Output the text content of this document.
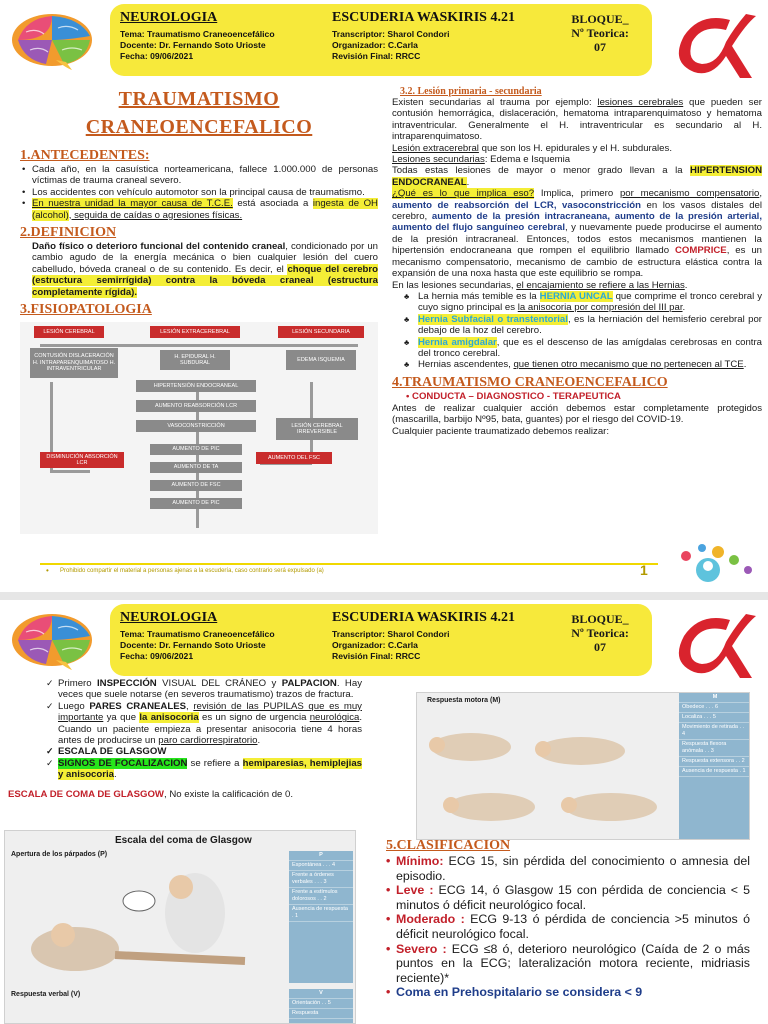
NEUROLOGIA
Tema: Traumatismo Craneoencefálico
Docente: Dr. Fernando Soto Urioste
Fecha: 09/06/2021
ESCUDERIA WASKIRIS 4.21
Transcriptor: Sharol Condori
Organizador: C.Carla
Revisión Final: RRCC
BLOQUE_
Nº Teorica:
07
TRAUMATISMO
CRANEOENCEFALICO
1.ANTECEDENTES:
• Cada año, en la casuística norteamericana, fallece 1.000.000 de personas víctimas de trauma craneal severo.
• Los accidentes con vehículo automotor son la principal causa de traumatismo.
• En nuestra unidad la mayor causa de T.C.E. está asociada a ingesta de OH (alcohol), seguida de caídas o agresiones físicas.
2.DEFINICION

Daño físico o deterioro funcional del contenido craneal, condicionado por un cambio agudo de la energía mecánica o bien cualquier lesión del cuero cabelludo, bóveda craneal o de su contenido. Es decir, el choque del cerebro (estructura semirrígida) contra la bóveda craneal (estructura completamente rígida).

3.FISIOPATOLOGIA
LESIÓN CEREBRAL	LESIÓN EXTRACEREBRAL	LESIÓN SECUNDARIA
CONTUSIÓN DISLACERACIÓN H. INTRAPARENQUIMATOSO H. INTRAVENTRICULAR
H. EPIDURAL H. SUBDURAL
EDEMA ISQUEMIA
HIPERTENSIÓN ENDOCRANEAL
AUMENTO REABSORCIÓN LCR
VASOCONSTRICCIÓN	LESIÓN CEREBRAL IRREVERSIBLE
DISMINUCIÓN ABSORCIÓN LCR
AUMENTO DE PIC
AUMENTO DEL FSC
AUMENTO DE TA
AUMENTO DE FSC
AUMENTO DE PIC
3.2. Lesión primaria - secundaria

Existen secundarias al trauma por ejemplo: lesiones cerebrales que pueden ser contusión hemorrágica, dislaceración, hematoma intraparenquimatoso y hematoma intraventricular. Generalmente el H. intraventricular es secundario al H. intraparenquimatoso.

Lesión extracerebral que son los H. epidurales y el H. subdurales.

Lesiones secundarias: Edema e Isquemia

Todas estas lesiones de mayor o menor grado llevan a la HIPERTENSION ENDOCRANEAL.

¿Qué es lo que implica eso? Implica, primero por mecanismo compensatorio, aumento de reabsorción del LCR, vasoconstricción en los vasos distales del cerebro, aumento de la presión intracraneana, aumento de la presión arterial, aumento del flujo sanguíneo cerebral, y nuevamente puede producirse el aumento de la presión intracraneal. Entonces, todos estos mecanismos mantienen la hipertensión endocraneana que rompen el equilibrio llamado COMPRICE, es un mecanismo compensatorio, mecanismo de cambio de estructura elástica contra la expansión de una noxa hasta que este equilibrio se rompa.

En las lesiones secundarias, el encajamiento se refiere a las Hernias.

♣ La hernia más temible es la HERNIA UNCAL que comprime el tronco cerebral y cuyo signo principal es la anisocoria por compresión del III par.
♣ Hernia Subfacial o transtentorial, es la herniación del hemisferio cerebral por debajo de la hoz del cerebro.
♣ Hernia amigdalar, que es el descenso de las amígdalas cerebrosas en contra del tronco cerebral.
♣ Hernias ascendentes, que tienen otro mecanismo que no pertenecen al TCE.
4.TRAUMATISMO CRANEOENCEFALICO
• CONDUCTA – DIAGNOSTICO - TERAPEUTICA

Antes de realizar cualquier acción debemos estar completamente protegidos (mascarilla, barbijo Nº95, bata, guantes) por el riesgo del COVID-19.

Cualquier paciente traumatizado debemos realizar:

• Prohibido compartir el material a personas ajenas a la escudería, caso contrario será expulsado (a)	1
NEUROLOGIA
Tema: Traumatismo Craneoencefálico
Docente: Dr. Fernando Soto Urioste
Fecha: 09/06/2021
ESCUDERIA WASKIRIS 4.21
Transcriptor: Sharol Condori
Organizador: C.Carla
Revisión Final: RRCC
BLOQUE_
Nº Teorica:
07
✓ Primero INSPECCIÓN VISUAL DEL CRÁNEO y PALPACION. Hay veces que suele notarse (en severos traumatismo) trazos de fractura.
✓ Luego PARES CRANEALES, revisión de las PUPILAS que es muy importante ya que la anisocoria es un signo de urgencia neurológica. Cuando un paciente empieza a presentar anisocoria tiene 4 horas antes de producirse un paro cardiorrespiratorio.
✓ ESCALA DE GLASGOW
✓ SIGNOS DE FOCALIZACION se refiere a hemiparesias, hemiplejias y anisocoria.

ESCALA DE COMA DE GLASGOW, No existe la calificación de 0.

Escala del coma de Glasgow
Apertura de los párpados (P)	P
Espontánea . . . 4
Frente a órdenes verbales . . . 3
Frente a estímulos dolorosos . . 2
Ausencia de respuesta . 1
Respuesta verbal (V)	V
Orientación . . 5
Respuesta
Respuesta motora (M)	M
Obedece . . . 6
Localiza . . . 5
Movimiento de retirada . . 4
Respuesta flexora anómala . . 3
Respuesta extensora . . 2
Ausencia de respuesta . 1
5.CLASIFICACION
• Mínimo: ECG 15, sin pérdida del conocimiento o amnesia del episodio.
• Leve : ECG 14, ó Glasgow 15 con pérdida de conciencia < 5 minutos ó déficit neurológico focal.
• Moderado : ECG 9-13 ó pérdida de conciencia >5 minutos ó déficit neurológico focal.
• Severo : ECG ≤8 ó, deterioro neurológico (Caída de 2 o más puntos en la ECG; lateralización motora reciente, midriasis reciente)*
• Coma en Prehospitalario se considera < 9
